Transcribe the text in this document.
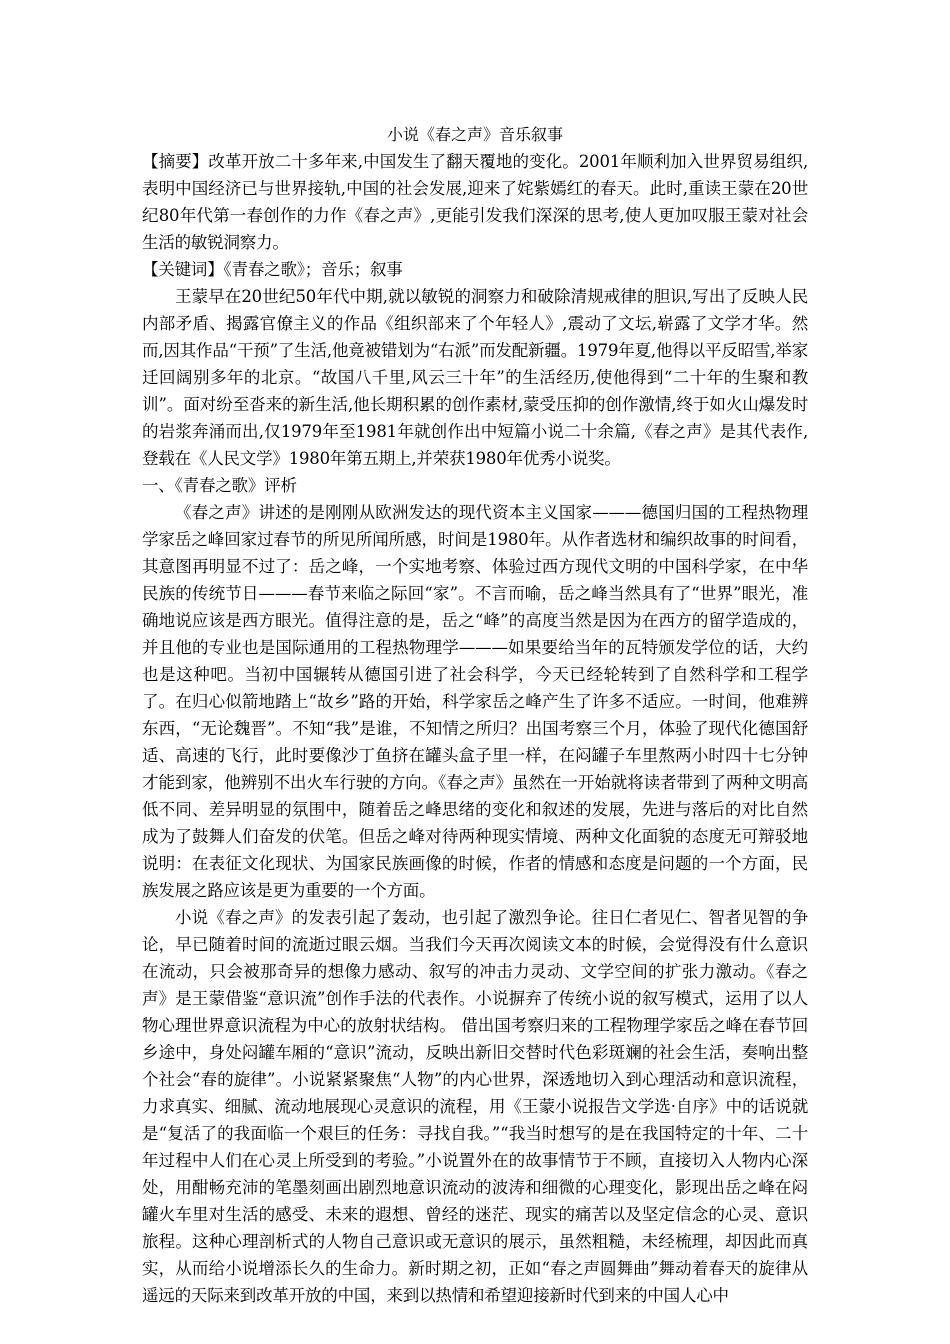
小说《春之声》音乐叙事

【摘要】改革开放二十多年来,中国发生了翻天覆地的变化。2001年顺利加入世界贸易组织,表明中国经济已与世界接轨,中国的社会发展,迎来了姹紫嫣红的春天。此时,重读王蒙在20世纪80年代第一春创作的力作《春之声》,更能引发我们深深的思考,使人更加叹服王蒙对社会生活的敏锐洞察力。

【关键词】《青春之歌》；音乐；叙事

王蒙早在20世纪50年代中期,就以敏锐的洞察力和破除清规戒律的胆识,写出了反映人民内部矛盾、揭露官僚主义的作品《组织部来了个年轻人》,震动了文坛,崭露了文学才华。然而,因其作品“干预”了生活,他竟被错划为“右派”而发配新疆。1979年夏,他得以平反昭雪,举家迁回阔别多年的北京。“故国八千里,风云三十年”的生活经历,使他得到“二十年的生聚和教训”。面对纷至沓来的新生活,他长期积累的创作素材,蒙受压抑的创作激情,终于如火山爆发时的岩浆奔涌而出,仅1979年至1981年就创作出中短篇小说二十余篇,《春之声》是其代表作,登载在《人民文学》1980年第五期上,并荣获1980年优秀小说奖。

一、《青春之歌》评析

《春之声》讲述的是刚刚从欧洲发达的现代资本主义国家———德国归国的工程热物理学家岳之峰回家过春节的所见所闻所感，时间是1980年。从作者选材和编织故事的时间看，其意图再明显不过了：岳之峰，一个实地考察、体验过西方现代文明的中国科学家，在中华民族的传统节日———春节来临之际回“家”。不言而喻，岳之峰当然具有了“世界”眼光，准确地说应该是西方眼光。值得注意的是，岳之“峰”的高度当然是因为在西方的留学造成的，并且他的专业也是国际通用的工程热物理学———如果要给当年的瓦特颁发学位的话，大约也是这种吧。当初中国辗转从德国引进了社会科学，今天已经轮转到了自然科学和工程学了。在归心似箭地踏上“故乡”路的开始，科学家岳之峰产生了许多不适应。一时间，他难辨东西，“无论魏晋”。不知“我”是谁，不知情之所归？出国考察三个月，体验了现代化德国舒适、高速的飞行，此时要像沙丁鱼挤在罐头盒子里一样，在闷罐子车里熬两小时四十七分钟才能到家，他辨别不出火车行驶的方向。《春之声》虽然在一开始就将读者带到了两种文明高低不同、差异明显的氛围中，随着岳之峰思绪的变化和叙述的发展，先进与落后的对比自然成为了鼓舞人们奋发的伏笔。但岳之峰对待两种现实情境、两种文化面貌的态度无可辩驳地说明：在表征文化现状、为国家民族画像的时候，作者的情感和态度是问题的一个方面，民族发展之路应该是更为重要的一个方面。

小说《春之声》的发表引起了轰动，也引起了激烈争论。往日仁者见仁、智者见智的争论，早已随着时间的流逝过眼云烟。当我们今天再次阅读文本的时候，会觉得没有什么意识在流动，只会被那奇异的想像力感动、叙写的冲击力灵动、文学空间的扩张力激动。《春之声》是王蒙借鉴“意识流”创作手法的代表作。小说摒弃了传统小说的叙写模式，运用了以人物心理世界意识流程为中心的放射状结构。 借出国考察归来的工程物理学家岳之峰在春节回乡途中，身处闷罐车厢的“意识”流动，反映出新旧交替时代色彩斑斓的社会生活，奏响出整个社会“春的旋律”。小说紧紧聚焦“人物”的内心世界，深透地切入到心理活动和意识流程，力求真实、细腻、流动地展现心灵意识的流程，用《王蒙小说报告文学选·自序》中的话说就是“复活了的我面临一个艰巨的任务：寻找自我。”“我当时想写的是在我国特定的十年、二十年过程中人们在心灵上所受到的考验。”小说置外在的故事情节于不顾，直接切入人物内心深处，用酣畅充沛的笔墨刻画出剧烈地意识流动的波涛和细微的心理变化，影现出岳之峰在闷罐火车里对生活的感受、未来的遐想、曾经的迷茫、现实的痛苦以及坚定信念的心灵、意识旅程。这种心理剖析式的人物自己意识或无意识的展示，虽然粗糙，未经梳理，却因此而真实，从而给小说增添长久的生命力。新时期之初，正如“春之声圆舞曲”舞动着春天的旋律从遥远的天际来到改革开放的中国，来到以热情和希望迎接新时代到来的中国人心中
